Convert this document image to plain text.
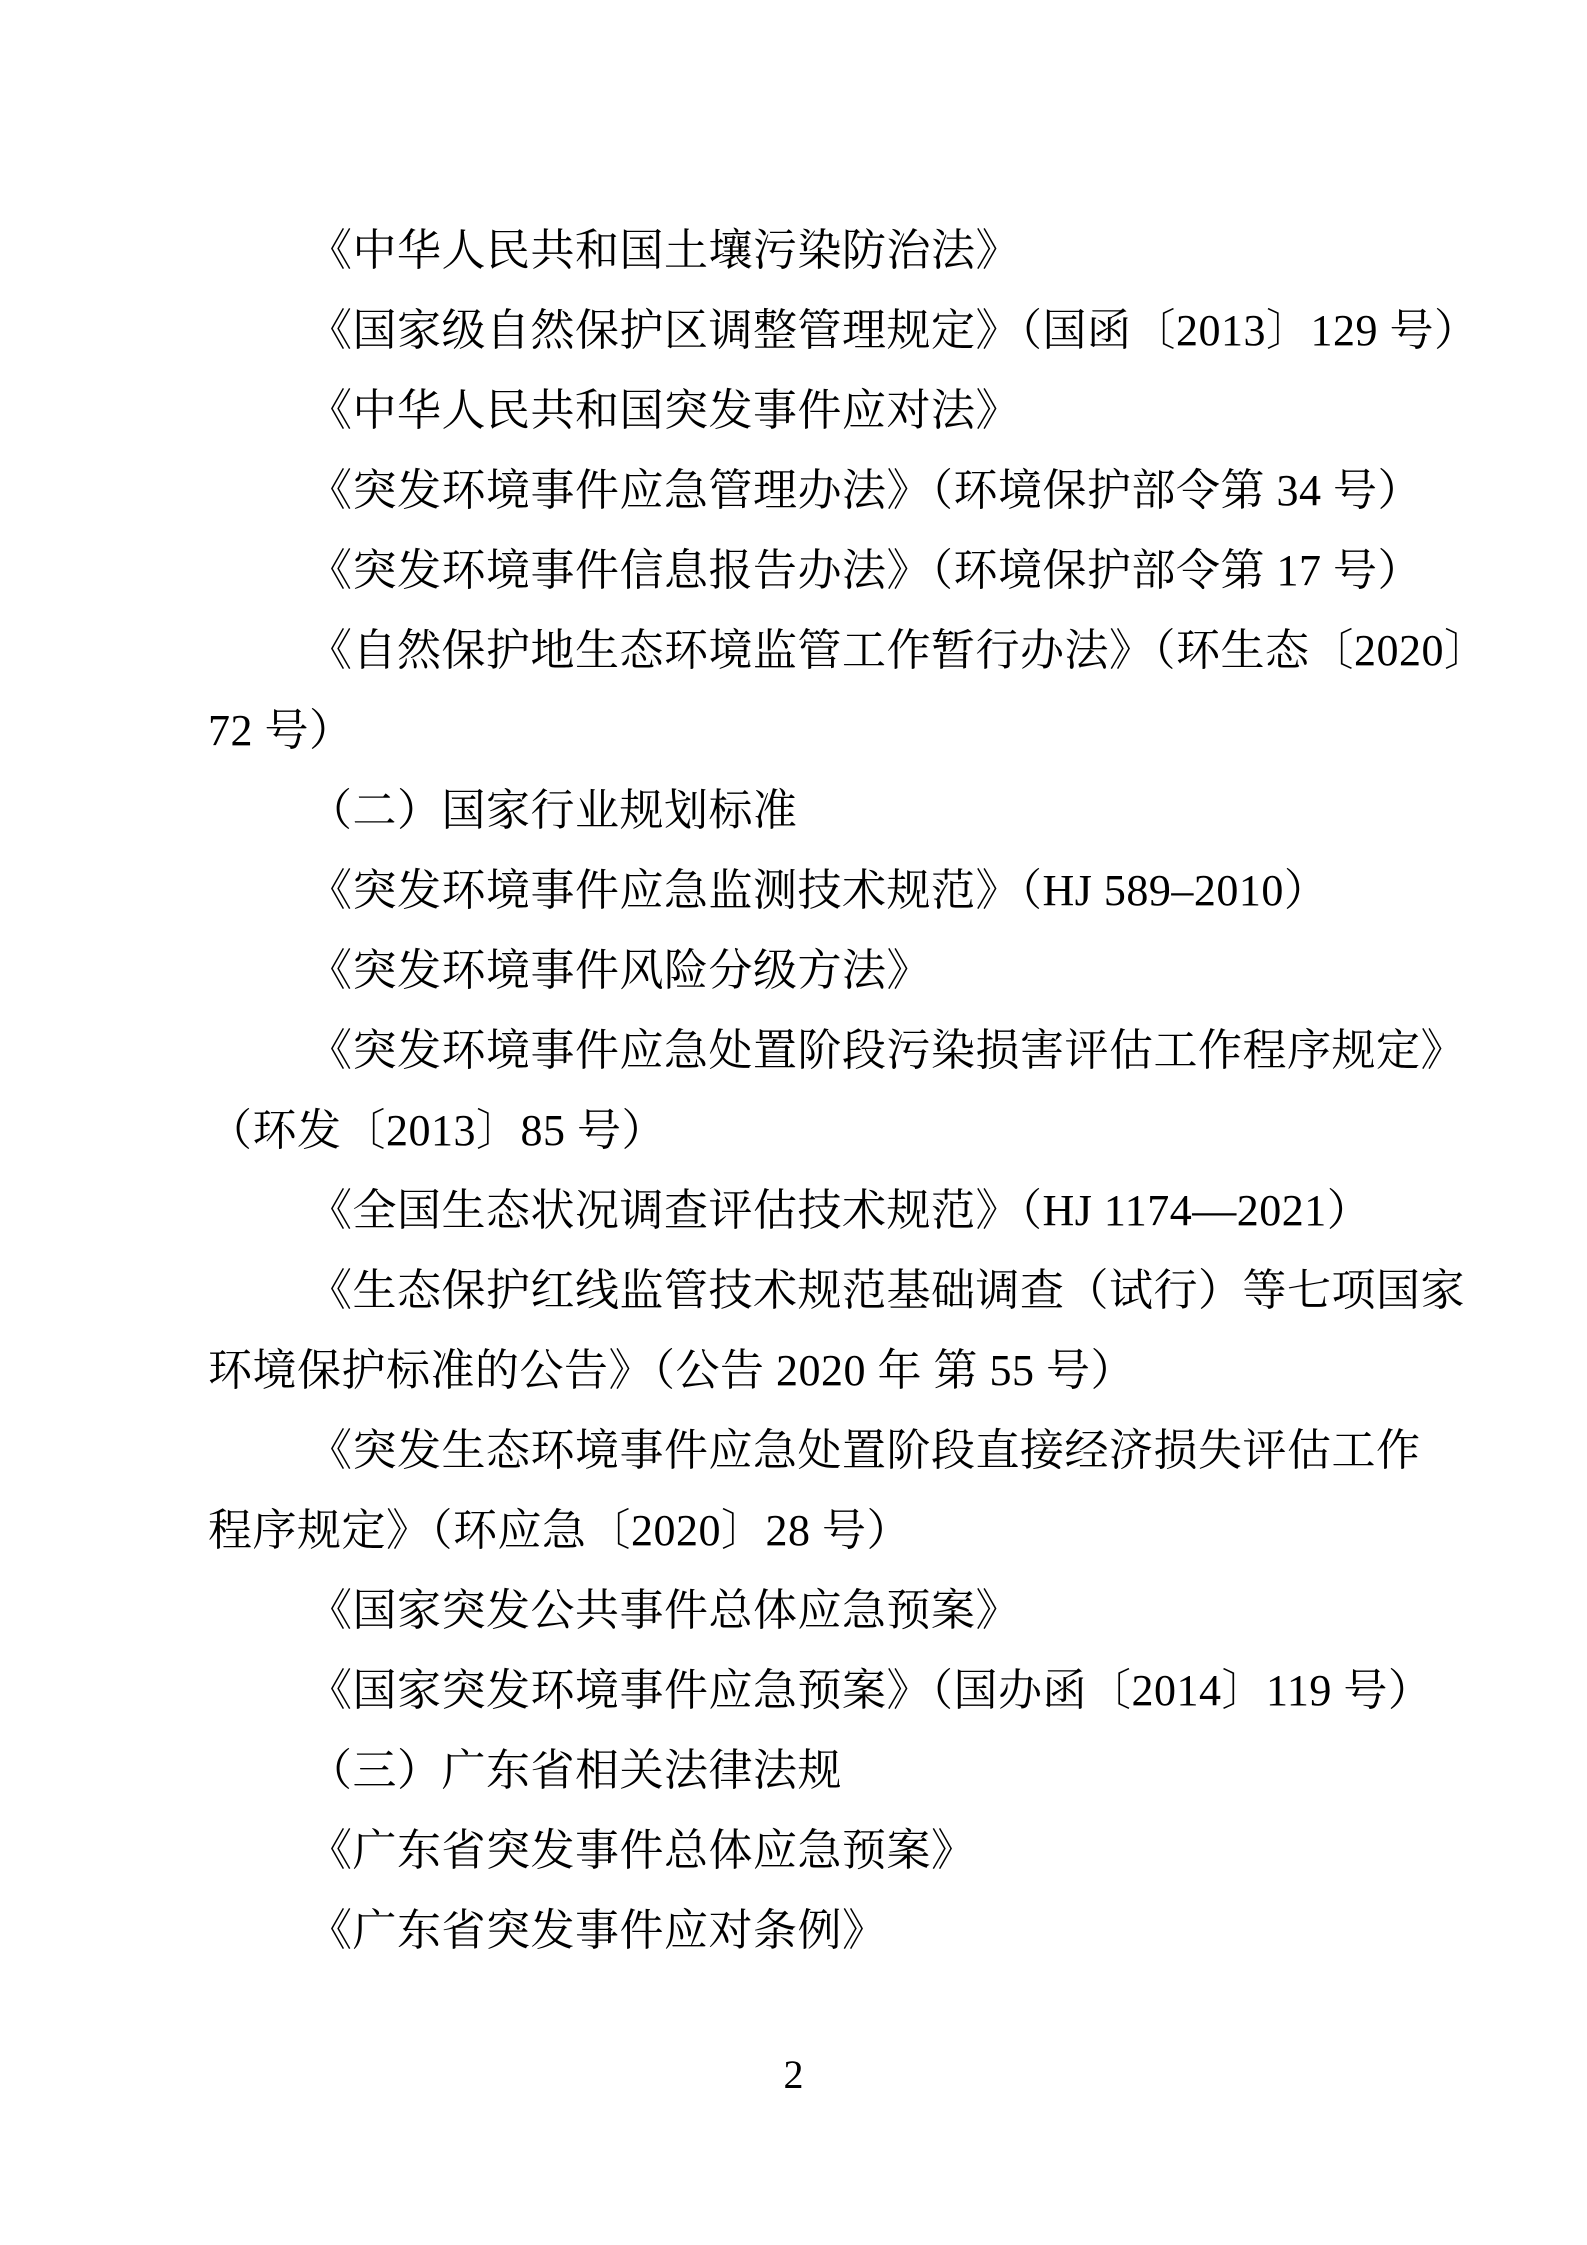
《中华人民共和国土壤污染防治法》

《国家级自然保护区调整管理规定》（国函〔2013〕129 号）

《中华人民共和国突发事件应对法》

《突发环境事件应急管理办法》（环境保护部令第 34 号）

《突发环境事件信息报告办法》（环境保护部令第 17 号）

《自然保护地生态环境监管工作暂行办法》（环生态〔2020〕

72 号）

（二）国家行业规划标准

《突发环境事件应急监测技术规范》（HJ 589–2010）

《突发环境事件风险分级方法》

《突发环境事件应急处置阶段污染损害评估工作程序规定》

（环发〔2013〕85 号）

《全国生态状况调查评估技术规范》（HJ 1174—2021）

《生态保护红线监管技术规范基础调查（试行）等七项国家

环境保护标准的公告》（公告 2020 年 第 55 号）

《突发生态环境事件应急处置阶段直接经济损失评估工作

程序规定》（环应急〔2020〕28 号）

《国家突发公共事件总体应急预案》

《国家突发环境事件应急预案》（国办函〔2014〕119 号）

（三）广东省相关法律法规

《广东省突发事件总体应急预案》

《广东省突发事件应对条例》

2
